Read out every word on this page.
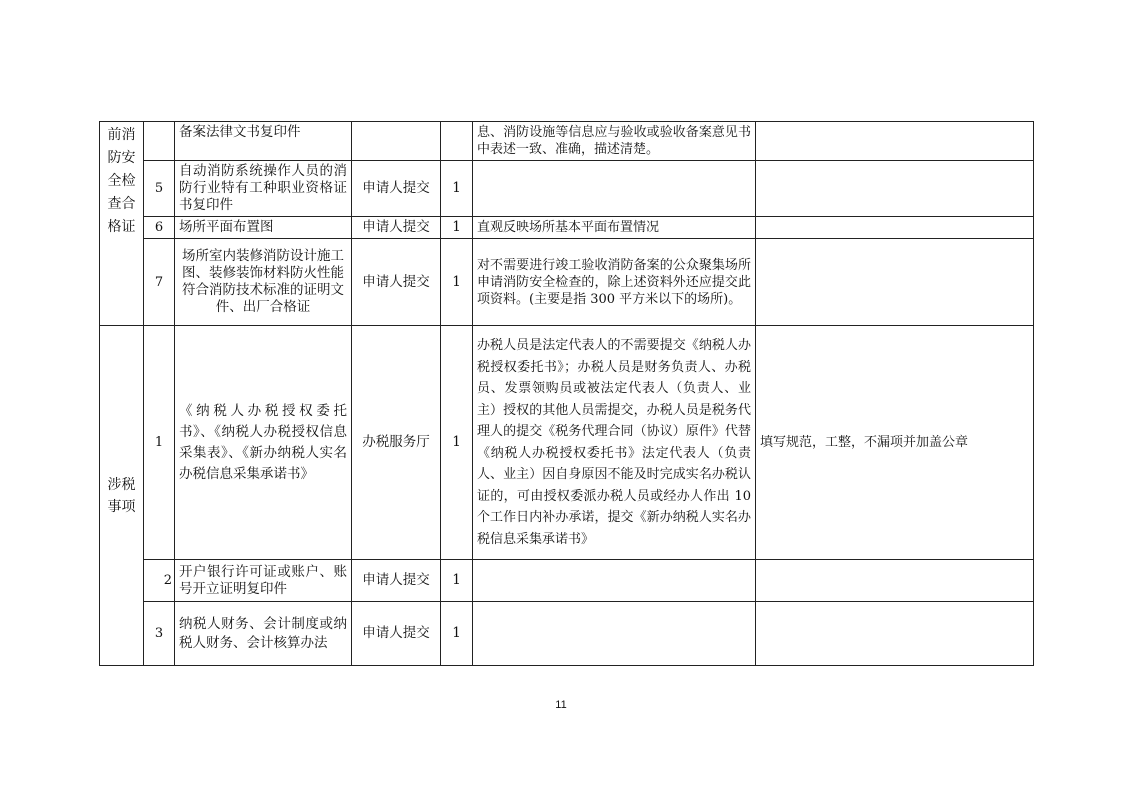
前消防安全检查合格证		备案法律文书复印件			息、消防设施等信息应与验收或验收备案意见书中表述一致、准确，描述清楚。	
	5	自动消防系统操作人员的消防行业特有工种职业资格证书复印件	申请人提交	1		
	6	场所平面布置图	申请人提交	1	直观反映场所基本平面布置情况	
	7	场所室内装修消防设计施工图、装修装饰材料防火性能符合消防技术标准的证明文件、出厂合格证	申请人提交	1	对不需要进行竣工验收消防备案的公众聚集场所申请消防安全检查的，除上述资料外还应提交此项资料。(主要是指 300 平方米以下的场所)。	
涉税事项	1	《纳税人办税授权委托书》、《纳税人办税授权信息采集表》、《新办纳税人实名办税信息采集承诺书》	办税服务厅	1	办税人员是法定代表人的不需要提交《纳税人办税授权委托书》；办税人员是财务负责人、办税员、发票领购员或被法定代表人（负责人、业主）授权的其他人员需提交，办税人员是税务代理人的提交《税务代理合同（协议）原件》代替《纳税人办税授权委托书》法定代表人（负责人、业主）因自身原因不能及时完成实名办税认证的，可由授权委派办税人员或经办人作出 10 个工作日内补办承诺，提交《新办纳税人实名办税信息采集承诺书》	填写规范，工整，不漏项并加盖公章
	2	开户银行许可证或账户、账号开立证明复印件	申请人提交	1		
	3	纳税人财务、会计制度或纳税人财务、会计核算办法	申请人提交	1		
11
